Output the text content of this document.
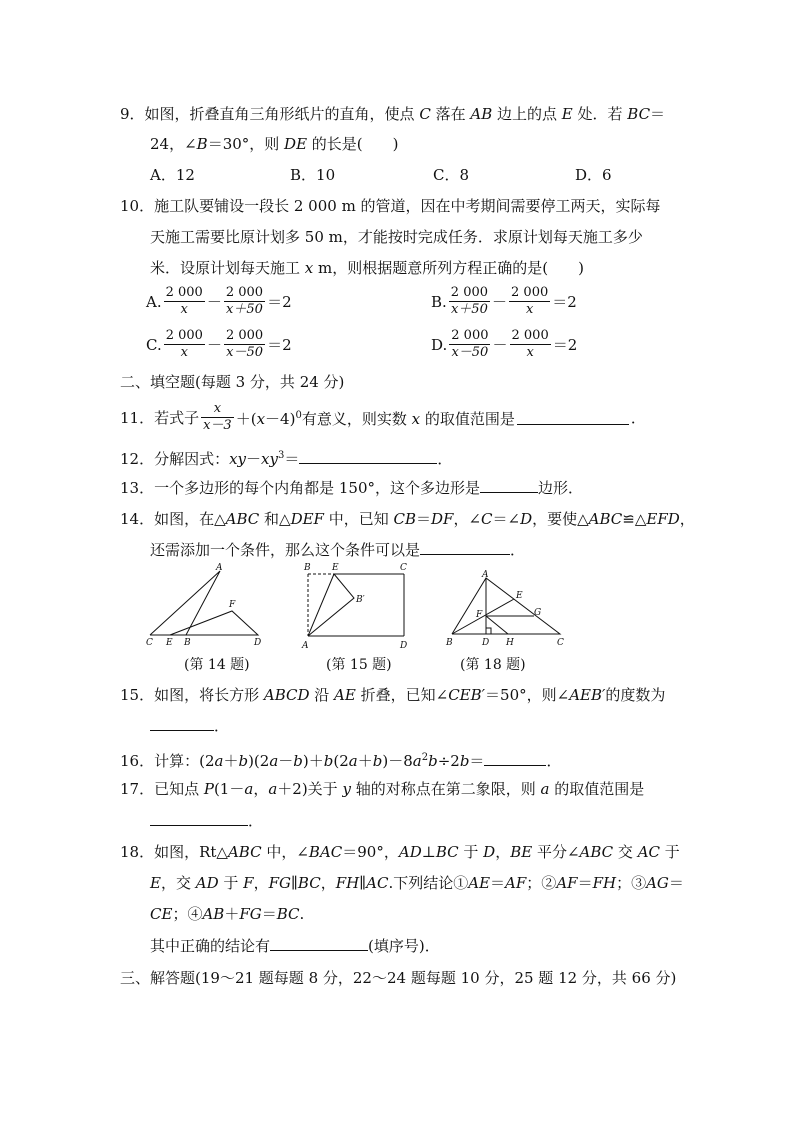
9．如图，折叠直角三角形纸片的直角，使点 C 落在 AB 边上的点 E 处．若 BC＝
24，∠B＝30°，则 DE 的长是(　　)
A．12	B．10	C．8	D．6
10．施工队要铺设一段长 2 000 m 的管道，因在中考期间需要停工两天，实际每
天施工需要比原计划多 50 m，才能按时完成任务．求原计划每天施工多少
米．设原计划每天施工 x m，则根据题意所列方程正确的是(　　)
A. $\frac{2 000}{x} - \frac{2 000}{x+50} =2$	B. $\frac{2 000}{x+50} - \frac{2 000}{x} =2$
C. $\frac{2 000}{x} - \frac{2 000}{x-50} =2$	D. $\frac{2 000}{x-50} - \frac{2 000}{x} =2$
二、填空题(每题 3 分，共 24 分)
11．若式子 $\frac{x}{x-3} +(x-4)^0$有意义，则实数 x 的取值范围是	．
12．分解因式：$xy-xy^3=$	．
13．一个多边形的每个内角都是 150°，这个多边形是	边形．
14．如图，在△ABC 和△DEF 中，已知 CB＝DF，∠C＝∠D，要使△ABC≌△EFD，
还需添加一个条件，那么这个条件可以是	．
A
F
C E B	D
(第 14 题)
B E	C
B′
A	D
(第 15 题)
A
E
G
F
B	D H	C
(第 18 题)
15．如图，将长方形 ABCD 沿 AE 折叠，已知∠CEB′＝50°，则∠AEB′的度数为
．
16．计算：$(2a+b)(2a-b)+b(2a+b)-8a^2b\div 2b=$	．
17．已知点 P(1－a，a＋2)关于 y 轴的对称点在第二象限，则 a 的取值范围是
．
18．如图，Rt△ABC 中，∠BAC＝90°，AD⊥BC 于 D，BE 平分∠ABC 交 AC 于
E，交 AD 于 F，FG∥BC，FH∥AC.下列结论①AE＝AF；②AF＝FH；③AG＝
CE；④AB＋FG＝BC.
其中正确的结论有	(填序号)．
三、解答题(19～21 题每题 8 分，22～24 题每题 10 分，25 题 12 分，共 66 分)
